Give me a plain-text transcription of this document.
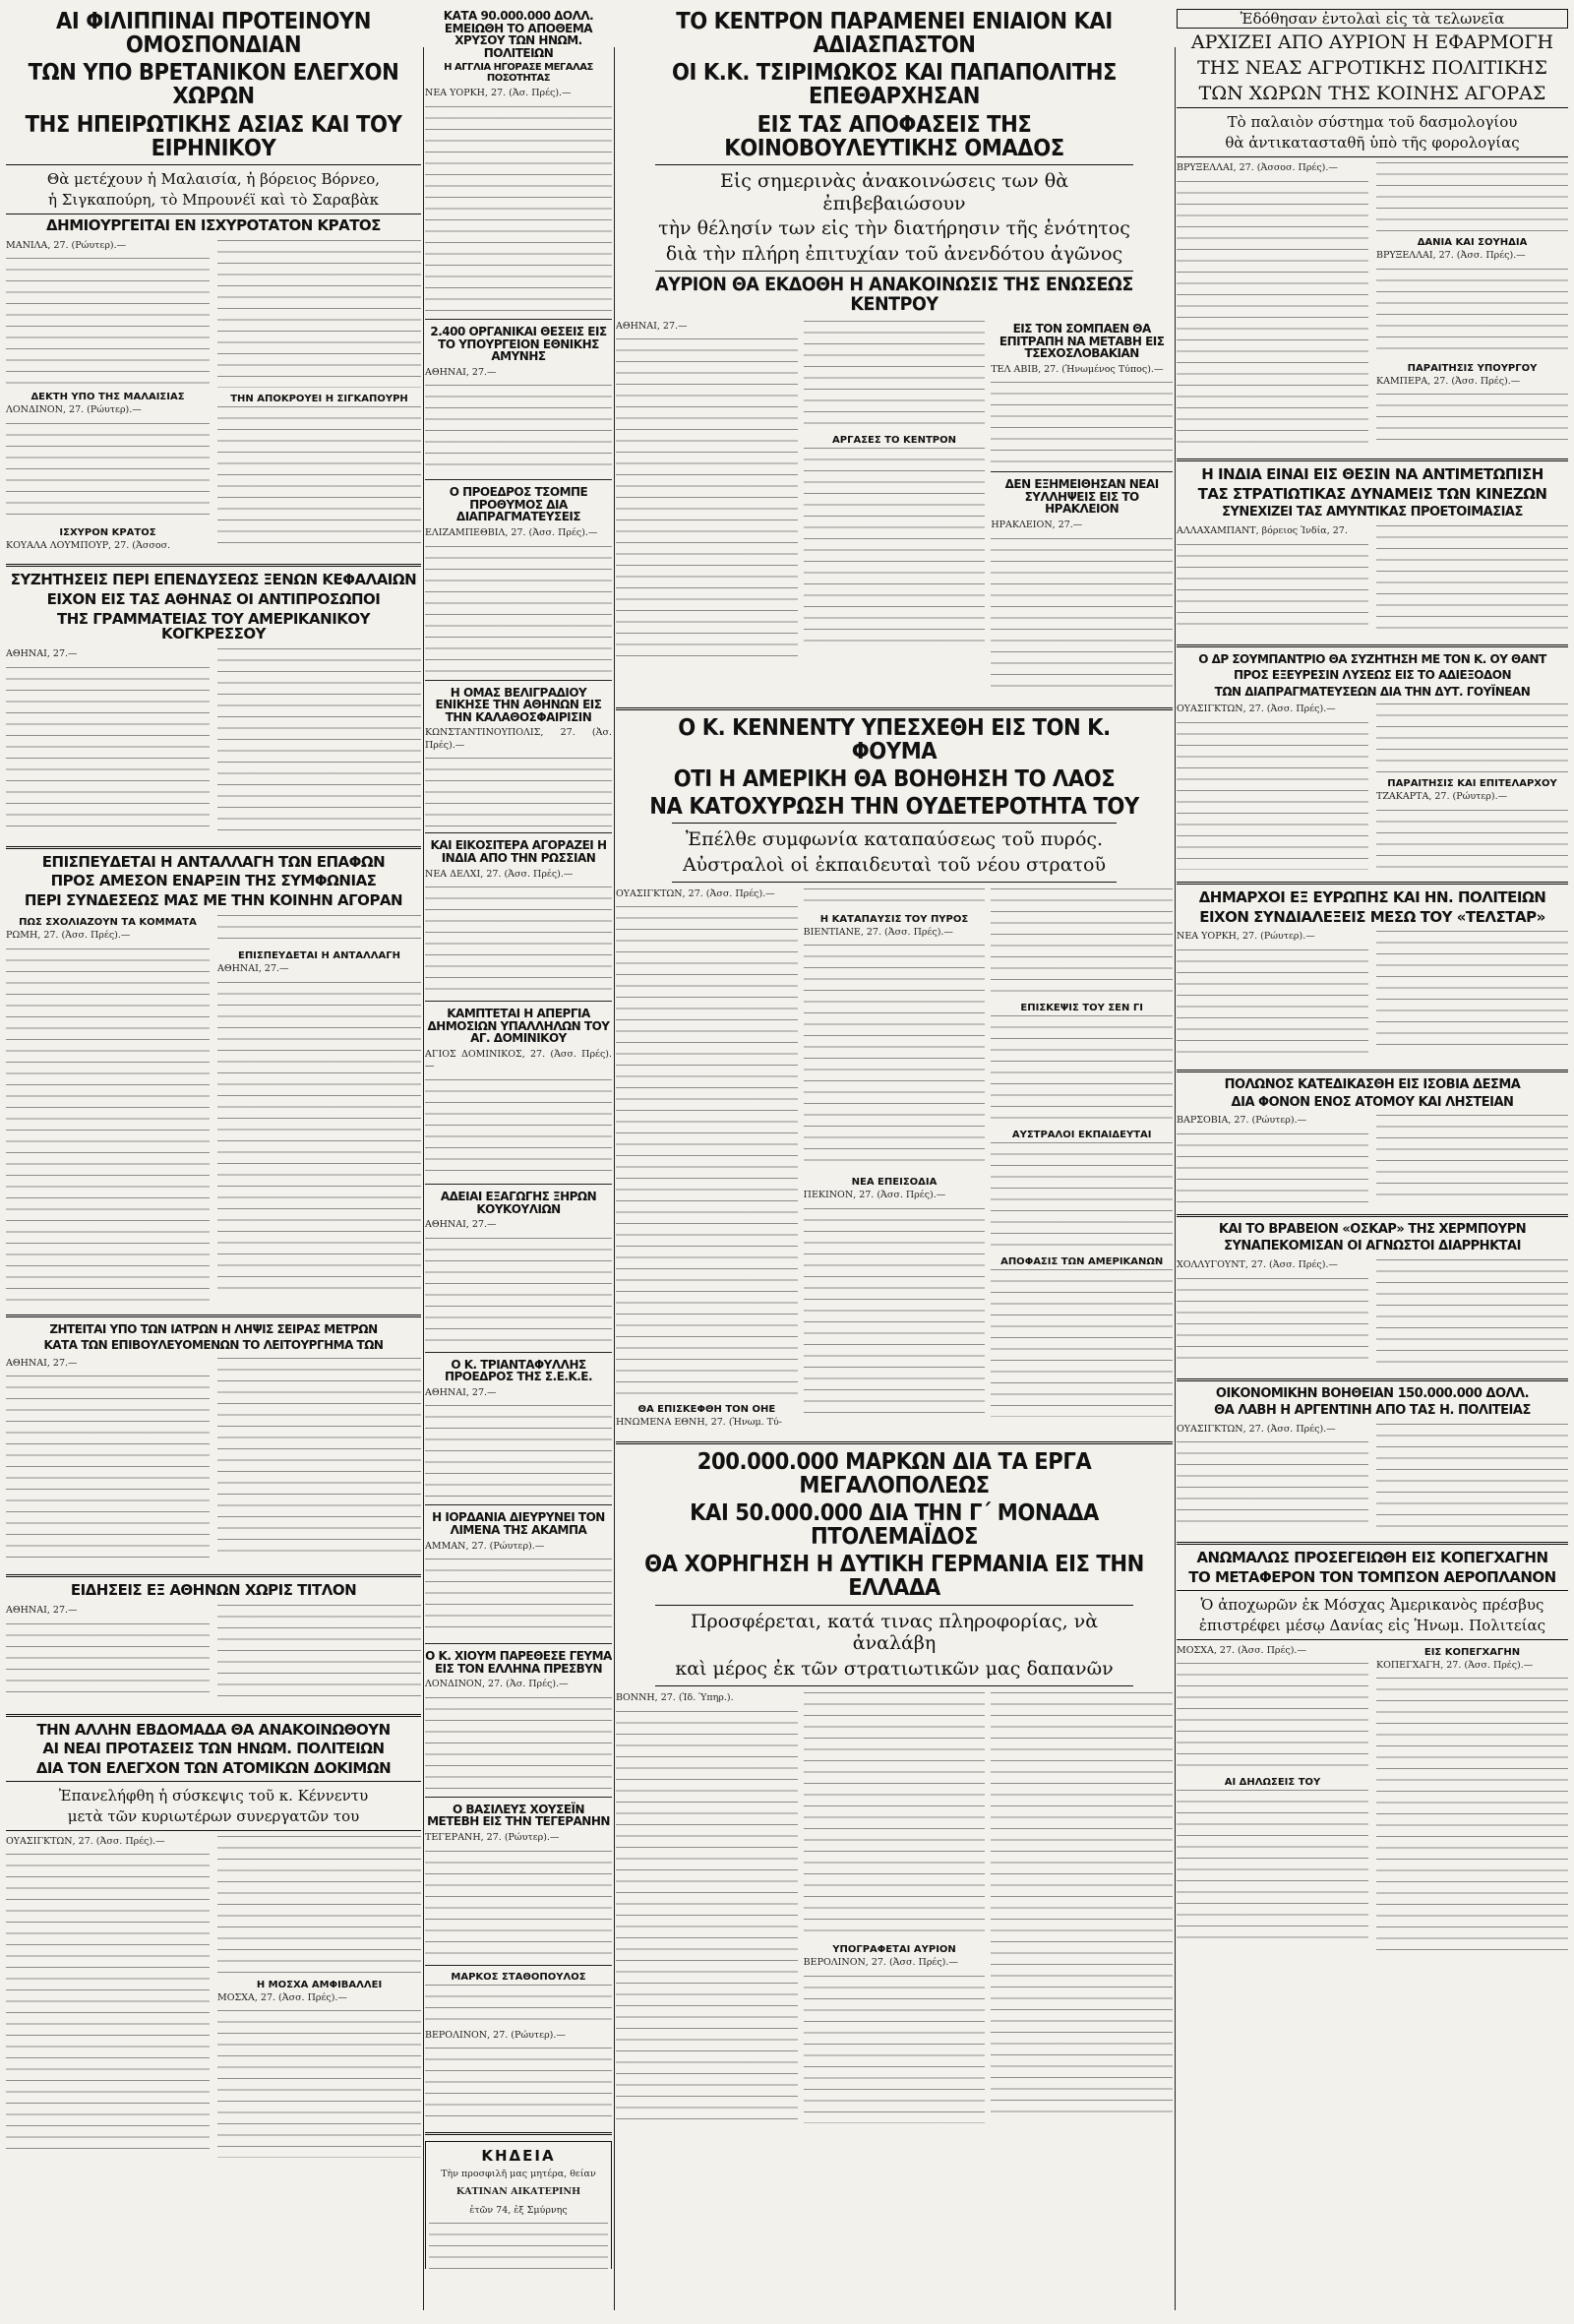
ΑΙ ΦΙΛΙΠΠΙΝΑΙ ΠΡΟΤΕΙΝΟΥΝ ΟΜΟΣΠΟΝΔΙΑΝ
ΤΩΝ ΥΠΟ ΒΡΕΤΑΝΙΚΟΝ ΕΛΕΓΧΟΝ ΧΩΡΩΝ
ΤΗΣ ΗΠΕΙΡΩΤΙΚΗΣ ΑΣΙΑΣ ΚΑΙ ΤΟΥ ΕΙΡΗΝΙΚΟΥ
Θὰ μετέχουν ἡ Μαλαισία, ἡ βόρειος Βόρνεο,
ἡ Σιγκαπούρη, τὸ Μπρουνέϊ καὶ τὸ Σαραβὰκ
ΔΗΜΙΟΥΡΓΕΙΤΑΙ ΕΝ ΙΣΧΥΡΟΤΑΤΟΝ ΚΡΑΤΟΣ
ΜΑΝΙΛΑ, 27. (Ρώυτερ).—
ΔΕΚΤΗ ΥΠΟ ΤΗΣ ΜΑΛΑΙΣΙΑΣ
ΛΟΝΔΙΝΟΝ, 27. (Ρώυτερ).—
ΙΣΧΥΡΟΝ ΚΡΑΤΟΣ
ΚΟΥΑΛΑ ΛΟΥΜΠΟΥΡ, 27. (Ἀσσοσ.
ΤΗΝ ΑΠΟΚΡΟΥΕΙ Η ΣΙΓΚΑΠΟΥΡΗ
ΣΥΖΗΤΗΣΕΙΣ ΠΕΡΙ ΕΠΕΝΔΥΣΕΩΣ ΞΕΝΩΝ ΚΕΦΑΛΑΙΩΝ
ΕΙΧΟΝ ΕΙΣ ΤΑΣ ΑΘΗΝΑΣ ΟΙ ΑΝΤΙΠΡΟΣΩΠΟΙ
ΤΗΣ ΓΡΑΜΜΑΤΕΙΑΣ ΤΟΥ ΑΜΕΡΙΚΑΝΙΚΟΥ ΚΟΓΚΡΕΣΣΟΥ
ΑΘΗΝΑΙ, 27.—
ΕΠΙΣΠΕΥΔΕΤΑΙ Η ΑΝΤΑΛΛΑΓΗ ΤΩΝ ΕΠΑΦΩΝ
ΠΡΟΣ ΑΜΕΣΟΝ ΕΝΑΡΞΙΝ ΤΗΣ ΣΥΜΦΩΝΙΑΣ
ΠΕΡΙ ΣΥΝΔΕΣΕΩΣ ΜΑΣ ΜΕ ΤΗΝ ΚΟΙΝΗΝ ΑΓΟΡΑΝ
ΠΩΣ ΣΧΟΛΙΑΖΟΥΝ ΤΑ ΚΟΜΜΑΤΑ
ΡΩΜΗ, 27. (Ἀσσ. Πρές).—
ΕΠΙΣΠΕΥΔΕΤΑΙ Η ΑΝΤΑΛΛΑΓΗ
ΑΘΗΝΑΙ, 27.—
ΖΗΤΕΙΤΑΙ ΥΠΟ ΤΩΝ ΙΑΤΡΩΝ Η ΛΗΨΙΣ ΣΕΙΡΑΣ ΜΕΤΡΩΝ
ΚΑΤΑ ΤΩΝ ΕΠΙΒΟΥΛΕΥΟΜΕΝΩΝ ΤΟ ΛΕΙΤΟΥΡΓΗΜΑ ΤΩΝ
ΑΘΗΝΑΙ, 27.—
ΕΙΔΗΣΕΙΣ ΕΞ ΑΘΗΝΩΝ ΧΩΡΙΣ ΤΙΤΛΟΝ
ΑΘΗΝΑΙ, 27.—
ΤΗΝ ΑΛΛΗΝ ΕΒΔΟΜΑΔΑ ΘΑ ΑΝΑΚΟΙΝΩΘΟΥΝ
ΑΙ ΝΕΑΙ ΠΡΟΤΑΣΕΙΣ ΤΩΝ ΗΝΩΜ. ΠΟΛΙΤΕΙΩΝ
ΔΙΑ ΤΟΝ ΕΛΕΓΧΟΝ ΤΩΝ ΑΤΟΜΙΚΩΝ ΔΟΚΙΜΩΝ
Ἐπανελήφθη ἡ σύσκεψις τοῦ κ. Κέννεντυ
μετὰ τῶν κυριωτέρων συνεργατῶν του
ΟΥΑΣΙΓΚΤΩΝ, 27. (Ἀσσ. Πρές).—
Η ΜΟΣΧΑ ΑΜΦΙΒΑΛΛΕΙ
ΜΟΣΧΑ, 27. (Ἀσσ. Πρές).—
ΚΑΤΑ 90.000.000 ΔΟΛΛ. ΕΜΕΙΩΘΗ ΤΟ ΑΠΟΘΕΜΑ ΧΡΥΣΟΥ ΤΩΝ ΗΝΩΜ. ΠΟΛΙΤΕΙΩΝ
Η ΑΓΓΛΙΑ ΗΓΟΡΑΣΕ ΜΕΓΑΛΑΣ ΠΟΣΟΤΗΤΑΣ
ΝΕΑ ΥΟΡΚΗ, 27. (Ἀσ. Πρές).—
2.400 ΟΡΓΑΝΙΚΑΙ ΘΕΣΕΙΣ ΕΙΣ ΤΟ ΥΠΟΥΡΓΕΙΟΝ ΕΘΝΙΚΗΣ ΑΜΥΝΗΣ
ΑΘΗΝΑΙ, 27.—
Ο ΠΡΟΕΔΡΟΣ ΤΣΟΜΠΕ ΠΡΟΘΥΜΟΣ ΔΙΑ ΔΙΑΠΡΑΓΜΑΤΕΥΣΕΙΣ
ΕΛΙΖΑΜΠΕΘΒΙΛ, 27. (Ἀσσ. Πρές).—
Η ΟΜΑΣ ΒΕΛΙΓΡΑΔΙΟΥ ΕΝΙΚΗΣΕ ΤΗΝ ΑΘΗΝΩΝ ΕΙΣ ΤΗΝ ΚΑΛΑΘΟΣΦΑΙΡΙΣΙΝ
ΚΩΝΣΤΑΝΤΙΝΟΥΠΟΛΙΣ, 27. (Ἀσ. Πρές).—
ΚΑΙ ΕΙΚΟΣΙΤΕΡΑ ΑΓΟΡΑΖΕΙ Η ΙΝΔΙΑ ΑΠΟ ΤΗΝ ΡΩΣΣΙΑΝ
ΝΕΑ ΔΕΛΧΙ, 27. (Ἀσσ. Πρές).—
ΚΑΜΠΤΕΤΑΙ Η ΑΠΕΡΓΙΑ ΔΗΜΟΣΙΩΝ ΥΠΑΛΛΗΛΩΝ ΤΟΥ ΑΓ. ΔΟΜΙΝΙΚΟΥ
ΑΓΙΟΣ ΔΟΜΙΝΙΚΟΣ, 27. (Ἀσσ. Πρές).—
ΑΔΕΙΑΙ ΕΞΑΓΩΓΗΣ ΞΗΡΩΝ ΚΟΥΚΟΥΛΙΩΝ
ΑΘΗΝΑΙ, 27.—
Ο Κ. ΤΡΙΑΝΤΑΦΥΛΛΗΣ ΠΡΟΕΔΡΟΣ ΤΗΣ Σ.Ε.Κ.Ε.
ΑΘΗΝΑΙ, 27.—
Η ΙΟΡΔΑΝΙΑ ΔΙΕΥΡΥΝΕΙ ΤΟΝ ΛΙΜΕΝΑ ΤΗΣ ΑΚΑΜΠΑ
ΑΜΜΑΝ, 27. (Ρώυτερ).—
Ο Κ. ΧΙΟΥΜ ΠΑΡΕΘΕΣΕ ΓΕΥΜΑ ΕΙΣ ΤΟΝ ΕΛΛΗΝΑ ΠΡΕΣΒΥΝ
ΛΟΝΔΙΝΟΝ, 27. (Ἀσ. Πρές).—
Ο ΒΑΣΙΛΕΥΣ ΧΟΥΣΕΪΝ ΜΕΤΕΒΗ ΕΙΣ ΤΗΝ ΤΕΓΕΡΑΝΗΝ
ΤΕΓΕΡΑΝΗ, 27. (Ρώυτερ).—
ΜΑΡΚΟΣ ΣΤΑΘΟΠΟΥΛΟΣ
ΒΕΡΟΛΙΝΟΝ, 27. (Ρώυτερ).—
ΚΗΔΕΙΑ
Τὴν προσφιλῆ μας μητέρα, θείαν
ΚΑΤΙΝΑΝ ΑΙΚΑΤΕΡΙΝΗ
ἐτῶν 74, ἐξ Σμύρνης
ΤΟ ΚΕΝΤΡΟΝ ΠΑΡΑΜΕΝΕΙ ΕΝΙΑΙΟΝ ΚΑΙ ΑΔΙΑΣΠΑΣΤΟΝ
ΟΙ Κ.Κ. ΤΣΙΡΙΜΩΚΟΣ ΚΑΙ ΠΑΠΑΠΟΛΙΤΗΣ ΕΠΕΘΑΡΧΗΣΑΝ
ΕΙΣ ΤΑΣ ΑΠΟΦΑΣΕΙΣ ΤΗΣ ΚΟΙΝΟΒΟΥΛΕΥΤΙΚΗΣ ΟΜΑΔΟΣ
Εἰς σημερινὰς ἀνακοινώσεις των θὰ ἐπιβεβαιώσουν
τὴν θέλησίν των εἰς τὴν διατήρησιν τῆς ἑνότητος
διὰ τὴν πλήρη ἐπιτυχίαν τοῦ ἀνενδότου ἀγῶνος
ΑΥΡΙΟΝ ΘΑ ΕΚΔΟΘΗ Η ΑΝΑΚΟΙΝΩΣΙΣ ΤΗΣ ΕΝΩΣΕΩΣ ΚΕΝΤΡΟΥ
ΑΘΗΝΑΙ, 27.—
ΑΡΓΑΣΕΣ ΤΟ ΚΕΝΤΡΟΝ
ΕΙΣ ΤΟΝ ΣΟΜΠΑΕΝ ΘΑ ΕΠΙΤΡΑΠΗ ΝΑ ΜΕΤΑΒΗ ΕΙΣ ΤΣΕΧΟΣΛΟΒΑΚΙΑΝ
ΤΕΛ ΑΒΙΒ, 27. (Ἡνωμένος Τύπος).—
ΔΕΝ ΕΞΗΜΕΙΘΗΣΑΝ ΝΕΑΙ ΣΥΛΛΗΨΕΙΣ ΕΙΣ ΤΟ ΗΡΑΚΛΕΙΟΝ
ΗΡΑΚΛΕΙΟΝ, 27.—
Ο Κ. ΚΕΝΝΕΝΤΥ ΥΠΕΣΧΕΘΗ ΕΙΣ ΤΟΝ Κ. ΦΟΥΜΑ
ΟΤΙ Η ΑΜΕΡΙΚΗ ΘΑ ΒΟΗΘΗΣΗ ΤΟ ΛΑΟΣ
ΝΑ ΚΑΤΟΧΥΡΩΣΗ ΤΗΝ ΟΥΔΕΤΕΡΟΤΗΤΑ ΤΟΥ
Ἐπέλθε συμφωνία καταπαύσεως τοῦ πυρός.
Αὐστραλοὶ οἱ ἐκπαιδευταὶ τοῦ νέου στρατοῦ
ΟΥΑΣΙΓΚΤΩΝ, 27. (Ἀσσ. Πρές).—
ΘΑ ΕΠΙΣΚΕΦΘΗ ΤΟΝ ΟΗΕ
ΗΝΩΜΕΝΑ ΕΘΝΗ, 27. (Ἡνωμ. Τύ-
Η ΚΑΤΑΠΑΥΣΙΣ ΤΟΥ ΠΥΡΟΣ
ΒΙΕΝΤΙΑΝΕ, 27. (Ἀσσ. Πρές).—
ΝΕΑ ΕΠΕΙΣΟΔΙΑ
ΠΕΚΙΝΟΝ, 27. (Ἀσσ. Πρές).—
ΕΠΙΣΚΕΨΙΣ ΤΟΥ ΣΕΝ ΓΙ
ΑΥΣΤΡΑΛΟΙ ΕΚΠΑΙΔΕΥΤΑΙ
ΑΠΟΦΑΣΙΣ ΤΩΝ ΑΜΕΡΙΚΑΝΩΝ
200.000.000 ΜΑΡΚΩΝ ΔΙΑ ΤΑ ΕΡΓΑ ΜΕΓΑΛΟΠΟΛΕΩΣ
ΚΑΙ 50.000.000 ΔΙΑ ΤΗΝ Γ΄ ΜΟΝΑΔΑ ΠΤΟΛΕΜΑΪΔΟΣ
ΘΑ ΧΟΡΗΓΗΣΗ Η ΔΥΤΙΚΗ ΓΕΡΜΑΝΙΑ ΕΙΣ ΤΗΝ ΕΛΛΑΔΑ
Προσφέρεται, κατά τινας πληροφορίας, νὰ ἀναλάβη
καὶ μέρος ἐκ τῶν στρατιωτικῶν μας δαπανῶν
ΒΟΝΝΗ, 27. (Ἰδ. Ὑπηρ.).
ΥΠΟΓΡΑΦΕΤΑΙ ΑΥΡΙΟΝ
ΒΕΡΟΛΙΝΟΝ, 27. (Ἀσσ. Πρές).—
Ἐδόθησαν ἐντολαὶ εἰς τὰ τελωνεῖα
ΑΡΧΙΖΕΙ ΑΠΟ ΑΥΡΙΟΝ Η ΕΦΑΡΜΟΓΗ
ΤΗΣ ΝΕΑΣ ΑΓΡΟΤΙΚΗΣ ΠΟΛΙΤΙΚΗΣ
ΤΩΝ ΧΩΡΩΝ ΤΗΣ ΚΟΙΝΗΣ ΑΓΟΡΑΣ
Τὸ παλαιὸν σύστημα τοῦ δασμολογίου
θὰ ἀντικατασταθῆ ὑπὸ τῆς φορολογίας
ΒΡΥΞΕΛΛΑΙ, 27. (Ἀσσοσ. Πρές).—
ΔΑΝΙΑ ΚΑΙ ΣΟΥΗΔΙΑ
ΒΡΥΞΕΛΛΑΙ, 27. (Ἀσσ. Πρές).—
ΠΑΡΑΙΤΗΣΙΣ ΥΠΟΥΡΓΟΥ
ΚΑΜΠΕΡΑ, 27. (Ἀσσ. Πρές).—
Η ΙΝΔΙΑ ΕΙΝΑΙ ΕΙΣ ΘΕΣΙΝ ΝΑ ΑΝΤΙΜΕΤΩΠΙΣΗ
ΤΑΣ ΣΤΡΑΤΙΩΤΙΚΑΣ ΔΥΝΑΜΕΙΣ ΤΩΝ ΚΙΝΕΖΩΝ
ΣΥΝΕΧΙΖΕΙ ΤΑΣ ΑΜΥΝΤΙΚΑΣ ΠΡΟΕΤΟΙΜΑΣΙΑΣ
ΑΛΛΑΧΑΜΠΑΝΤ, βόρειος Ἰνδία, 27.
Ο ΔΡ ΣΟΥΜΠΑΝΤΡΙΟ ΘΑ ΣΥΖΗΤΗΣΗ ΜΕ ΤΟΝ Κ. ΟΥ ΘΑΝΤ
ΠΡΟΣ ΕΞΕΥΡΕΣΙΝ ΛΥΣΕΩΣ ΕΙΣ ΤΟ ΑΔΙΕΞΟΔΟΝ
ΤΩΝ ΔΙΑΠΡΑΓΜΑΤΕΥΣΕΩΝ ΔΙΑ ΤΗΝ ΔΥΤ. ΓΟΥΪΝΕΑΝ
ΟΥΑΣΙΓΚΤΩΝ, 27. (Ἀσσ. Πρές).—
ΠΑΡΑΙΤΗΣΙΣ ΚΑΙ ΕΠΙΤΕΛΑΡΧΟΥ
ΤΖΑΚΑΡΤΑ, 27. (Ρώυτερ).—
ΔΗΜΑΡΧΟΙ ΕΞ ΕΥΡΩΠΗΣ ΚΑΙ ΗΝ. ΠΟΛΙΤΕΙΩΝ
ΕΙΧΟΝ ΣΥΝΔΙΑΛΕΞΕΙΣ ΜΕΣΩ ΤΟΥ «ΤΕΛΣΤΑΡ»
ΝΕΑ ΥΟΡΚΗ, 27. (Ρώυτερ).—
ΠΟΛΩΝΟΣ ΚΑΤΕΔΙΚΑΣΘΗ ΕΙΣ ΙΣΟΒΙΑ ΔΕΣΜΑ
ΔΙΑ ΦΟΝΟΝ ΕΝΟΣ ΑΤΟΜΟΥ ΚΑΙ ΛΗΣΤΕΙΑΝ
ΒΑΡΣΟΒΙΑ, 27. (Ρώυτερ).—
ΚΑΙ ΤΟ ΒΡΑΒΕΙΟΝ «ΟΣΚΑΡ» ΤΗΣ ΧΕΡΜΠΟΥΡΝ
ΣΥΝΑΠΕΚΟΜΙΣΑΝ ΟΙ ΑΓΝΩΣΤΟΙ ΔΙΑΡΡΗΚΤΑΙ
ΧΟΛΛΥΓΟΥΝΤ, 27. (Ἀσσ. Πρές).—
ΟΙΚΟΝΟΜΙΚΗΝ ΒΟΗΘΕΙΑΝ 150.000.000 ΔΟΛΛ.
ΘΑ ΛΑΒΗ Η ΑΡΓΕΝΤΙΝΗ ΑΠΟ ΤΑΣ Η. ΠΟΛΙΤΕΙΑΣ
ΟΥΑΣΙΓΚΤΩΝ, 27. (Ἀσσ. Πρές).—
ΑΝΩΜΑΛΩΣ ΠΡΟΣΕΓΕΙΩΘΗ ΕΙΣ ΚΟΠΕΓΧΑΓΗΝ
ΤΟ ΜΕΤΑΦΕΡΟΝ ΤΟΝ ΤΟΜΠΣΟΝ ΑΕΡΟΠΛΑΝΟΝ
Ὁ ἀποχωρῶν ἐκ Μόσχας Ἀμερικανὸς πρέσβυς
ἐπιστρέφει μέσῳ Δανίας εἰς Ἡνωμ. Πολιτείας
ΜΟΣΧΑ, 27. (Ἀσσ. Πρές).—
ΑΙ ΔΗΛΩΣΕΙΣ ΤΟΥ
ΕΙΣ ΚΟΠΕΓΧΑΓΗΝ
ΚΟΠΕΓΧΑΓΗ, 27. (Ἀσσ. Πρές).—
